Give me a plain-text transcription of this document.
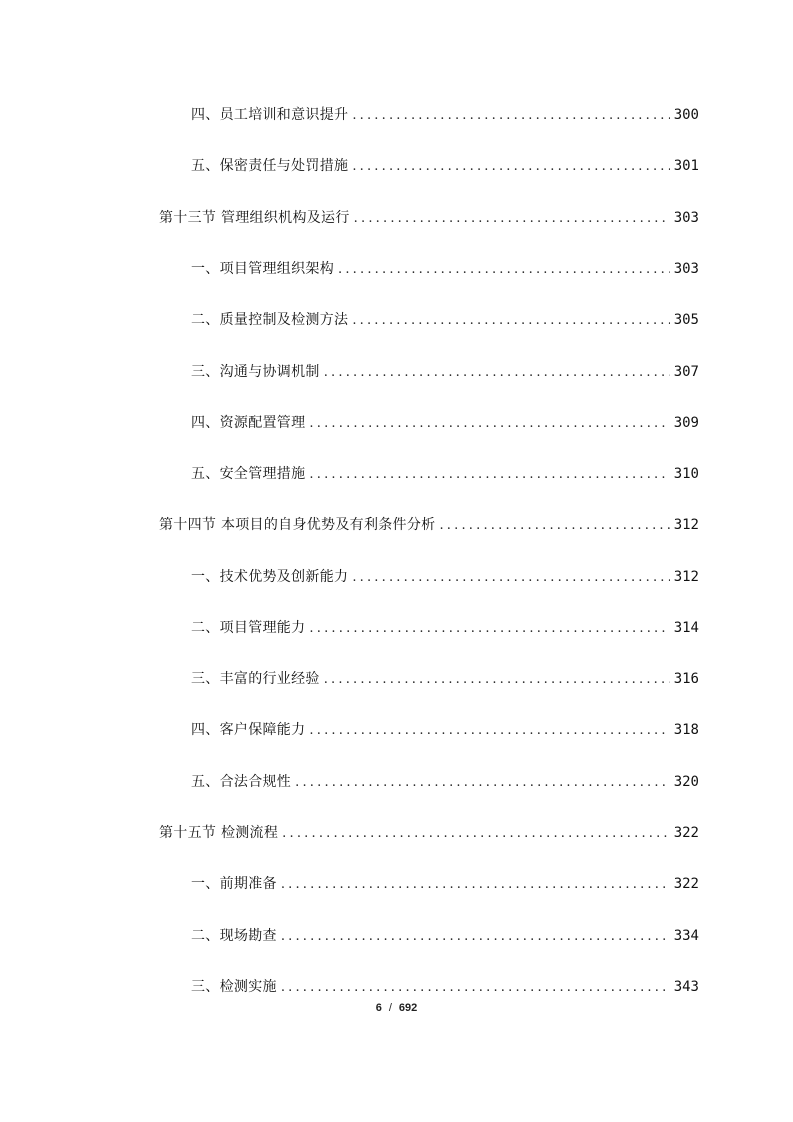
四、员工培训和意识提升 .....	300
五、保密责任与处罚措施 .....	301
第十三节 管理组织机构及运行 .....	303
一、项目管理组织架构 .....	303
二、质量控制及检测方法 .....	305
三、沟通与协调机制 .....	307
四、资源配置管理 .....	309
五、安全管理措施 .....	310
第十四节 本项目的自身优势及有利条件分析 .....	312
一、技术优势及创新能力 .....	312
二、项目管理能力 .....	314
三、丰富的行业经验 .....	316
四、客户保障能力 .....	318
五、合法合规性 .....	320
第十五节 检测流程 .....	322
一、前期准备 .....	322
二、现场勘查 .....	334
三、检测实施 .....	343
6 / 692
